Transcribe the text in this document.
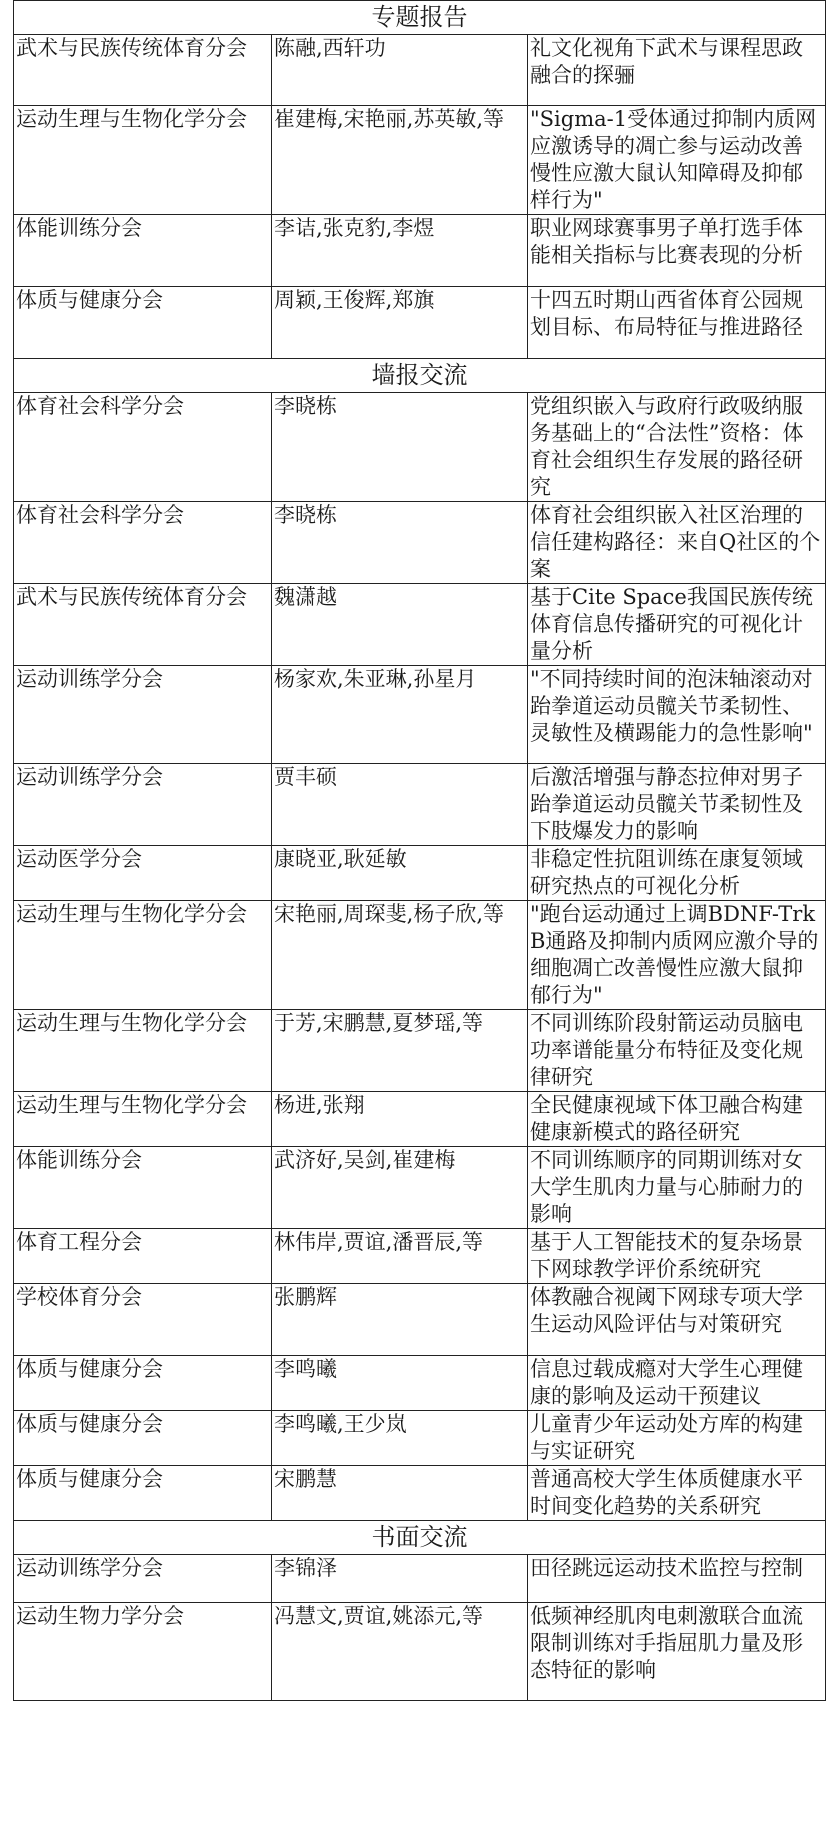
专题报告		
武术与民族传统体育分会	陈融,西轩功	礼文化视角下武术与课程思政融合的探骊
运动生理与生物化学分会	崔建梅,宋艳丽,苏英敏,等	"Sigma-1受体通过抑制内质网应激诱导的凋亡参与运动改善慢性应激大鼠认知障碍及抑郁样行为"
体能训练分会	李诘,张克豹,李煜	职业网球赛事男子单打选手体能相关指标与比赛表现的分析
体质与健康分会	周颖,王俊辉,郑旗	十四五时期山西省体育公园规划目标、布局特征与推进路径
墙报交流		
体育社会科学分会	李晓栋	党组织嵌入与政府行政吸纳服务基础上的“合法性”资格：体育社会组织生存发展的路径研究
体育社会科学分会	李晓栋	体育社会组织嵌入社区治理的信任建构路径：来自Q社区的个案
武术与民族传统体育分会	魏潇越	基于Cite Space我国民族传统体育信息传播研究的可视化计量分析
运动训练学分会	杨家欢,朱亚琳,孙星月	"不同持续时间的泡沫轴滚动对跆拳道运动员髋关节柔韧性、灵敏性及横踢能力的急性影响"
运动训练学分会	贾丰硕	后激活增强与静态拉伸对男子跆拳道运动员髋关节柔韧性及下肢爆发力的影响
运动医学分会	康晓亚,耿延敏	非稳定性抗阻训练在康复领域研究热点的可视化分析
运动生理与生物化学分会	宋艳丽,周琛斐,杨子欣,等	"跑台运动通过上调BDNF-TrkB通路及抑制内质网应激介导的细胞凋亡改善慢性应激大鼠抑郁行为"
运动生理与生物化学分会	于芳,宋鹏慧,夏梦瑶,等	不同训练阶段射箭运动员脑电功率谱能量分布特征及变化规律研究
运动生理与生物化学分会	杨进,张翔	全民健康视域下体卫融合构建健康新模式的路径研究
体能训练分会	武济好,吴剑,崔建梅	不同训练顺序的同期训练对女大学生肌肉力量与心肺耐力的影响
体育工程分会	林伟岸,贾谊,潘晋辰,等	基于人工智能技术的复杂场景下网球教学评价系统研究
学校体育分会	张鹏辉	体教融合视阈下网球专项大学生运动风险评估与对策研究
体质与健康分会	李鸣曦	信息过载成瘾对大学生心理健康的影响及运动干预建议
体质与健康分会	李鸣曦,王少岚	儿童青少年运动处方库的构建与实证研究
体质与健康分会	宋鹏慧	普通高校大学生体质健康水平时间变化趋势的关系研究
书面交流		
运动训练学分会	李锦泽	田径跳远运动技术监控与控制
运动生物力学分会	冯慧文,贾谊,姚添元,等	低频神经肌肉电刺激联合血流限制训练对手指屈肌力量及形态特征的影响
